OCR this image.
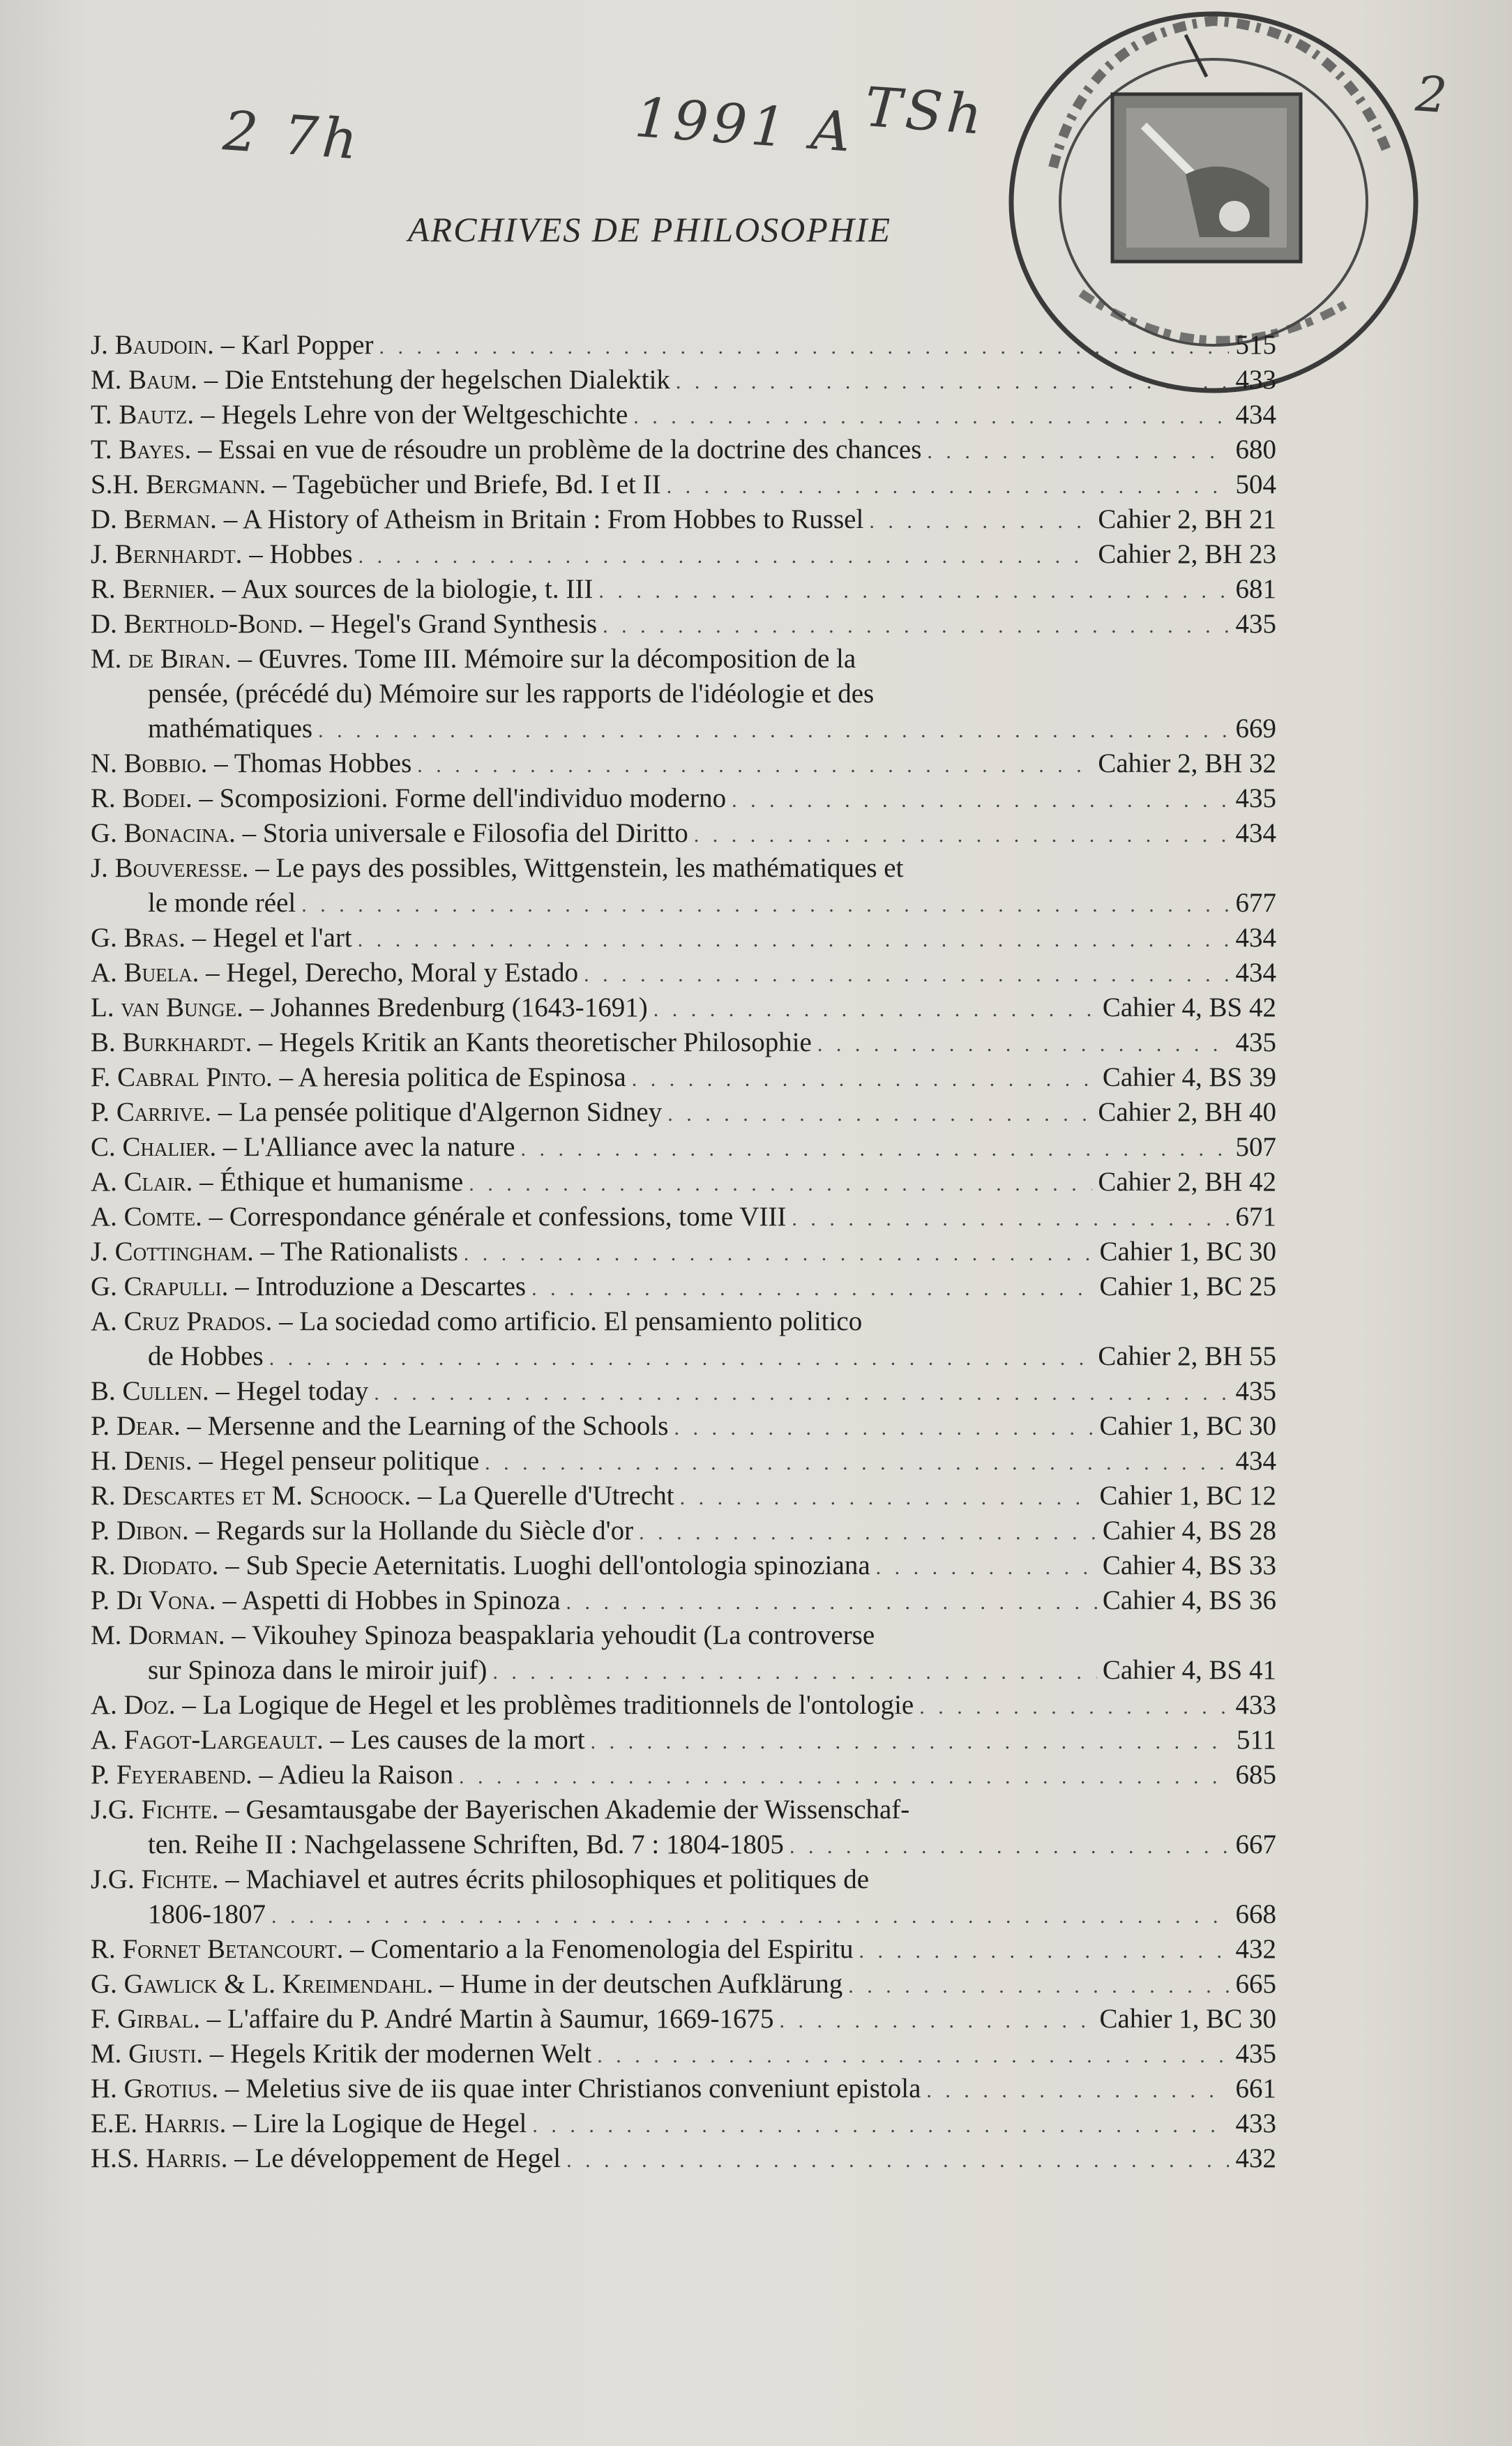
2 7h	1991 A TSh	2
ARCHIVES DE PHILOSOPHIE
J. Baudoin. – Karl Popper . . .	515
M. Baum. – Die Entstehung der hegelschen Dialektik . . .	433
T. Bautz. – Hegels Lehre von der Weltgeschichte . . .	434
T. Bayes. – Essai en vue de résoudre un problème de la doctrine des chances . . .	680
S.H. Bergmann. – Tagebücher und Briefe, Bd. I et II . . .	504
D. Berman. – A History of Atheism in Britain : From Hobbes to Russel . . .	Cahier 2, BH 21
J. Bernhardt. – Hobbes . . .	Cahier 2, BH 23
R. Bernier. – Aux sources de la biologie, t. III . . .	681
D. Berthold-Bond. – Hegel's Grand Synthesis . . .	435
M. de Biran. – Œuvres. Tome III. Mémoire sur la décomposition de la
pensée, (précédé du) Mémoire sur les rapports de l'idéologie et des
mathématiques . . .	669
N. Bobbio. – Thomas Hobbes . . .	Cahier 2, BH 32
R. Bodei. – Scomposizioni. Forme dell'individuo moderno . . .	435
G. Bonacina. – Storia universale e Filosofia del Diritto . . .	434
J. Bouveresse. – Le pays des possibles, Wittgenstein, les mathématiques et
le monde réel . . .	677
G. Bras. – Hegel et l'art . . .	434
A. Buela. – Hegel, Derecho, Moral y Estado . . .	434
L. van Bunge. – Johannes Bredenburg (1643-1691) . . .	Cahier 4, BS 42
B. Burkhardt. – Hegels Kritik an Kants theoretischer Philosophie . . .	435
F. Cabral Pinto. – A heresia politica de Espinosa . . .	Cahier 4, BS 39
P. Carrive. – La pensée politique d'Algernon Sidney . . .	Cahier 2, BH 40
C. Chalier. – L'Alliance avec la nature . . .	507
A. Clair. – Éthique et humanisme . . .	Cahier 2, BH 42
A. Comte. – Correspondance générale et confessions, tome VIII . . .	671
J. Cottingham. – The Rationalists . . .	Cahier 1, BC 30
G. Crapulli. – Introduzione a Descartes . . .	Cahier 1, BC 25
A. Cruz Prados. – La sociedad como artificio. El pensamiento politico
de Hobbes . . .	Cahier 2, BH 55
B. Cullen. – Hegel today . . .	435
P. Dear. – Mersenne and the Learning of the Schools . . .	Cahier 1, BC 30
H. Denis. – Hegel penseur politique . . .	434
R. Descartes et M. Schoock. – La Querelle d'Utrecht . . .	Cahier 1, BC 12
P. Dibon. – Regards sur la Hollande du Siècle d'or . . .	Cahier 4, BS 28
R. Diodato. – Sub Specie Aeternitatis. Luoghi dell'ontologia spinoziana . . .	Cahier 4, BS 33
P. Di Vona. – Aspetti di Hobbes in Spinoza . . .	Cahier 4, BS 36
M. Dorman. – Vikouhey Spinoza beaspaklaria yehoudit (La controverse
sur Spinoza dans le miroir juif) . . .	Cahier 4, BS 41
A. Doz. – La Logique de Hegel et les problèmes traditionnels de l'ontologie . . .	433
A. Fagot-Largeault. – Les causes de la mort . . .	511
P. Feyerabend. – Adieu la Raison . . .	685
J.G. Fichte. – Gesamtausgabe der Bayerischen Akademie der Wissenschaf-
ten. Reihe II : Nachgelassene Schriften, Bd. 7 : 1804-1805 . . .	667
J.G. Fichte. – Machiavel et autres écrits philosophiques et politiques de
1806-1807 . . .	668
R. Fornet Betancourt. – Comentario a la Fenomenologia del Espiritu . . .	432
G. Gawlick & L. Kreimendahl. – Hume in der deutschen Aufklärung . . .	665
F. Girbal. – L'affaire du P. André Martin à Saumur, 1669-1675 . . .	Cahier 1, BC 30
M. Giusti. – Hegels Kritik der modernen Welt . . .	435
H. Grotius. – Meletius sive de iis quae inter Christianos conveniunt epistola . . .	661
E.E. Harris. – Lire la Logique de Hegel . . .	433
H.S. Harris. – Le développement de Hegel . . .	432
